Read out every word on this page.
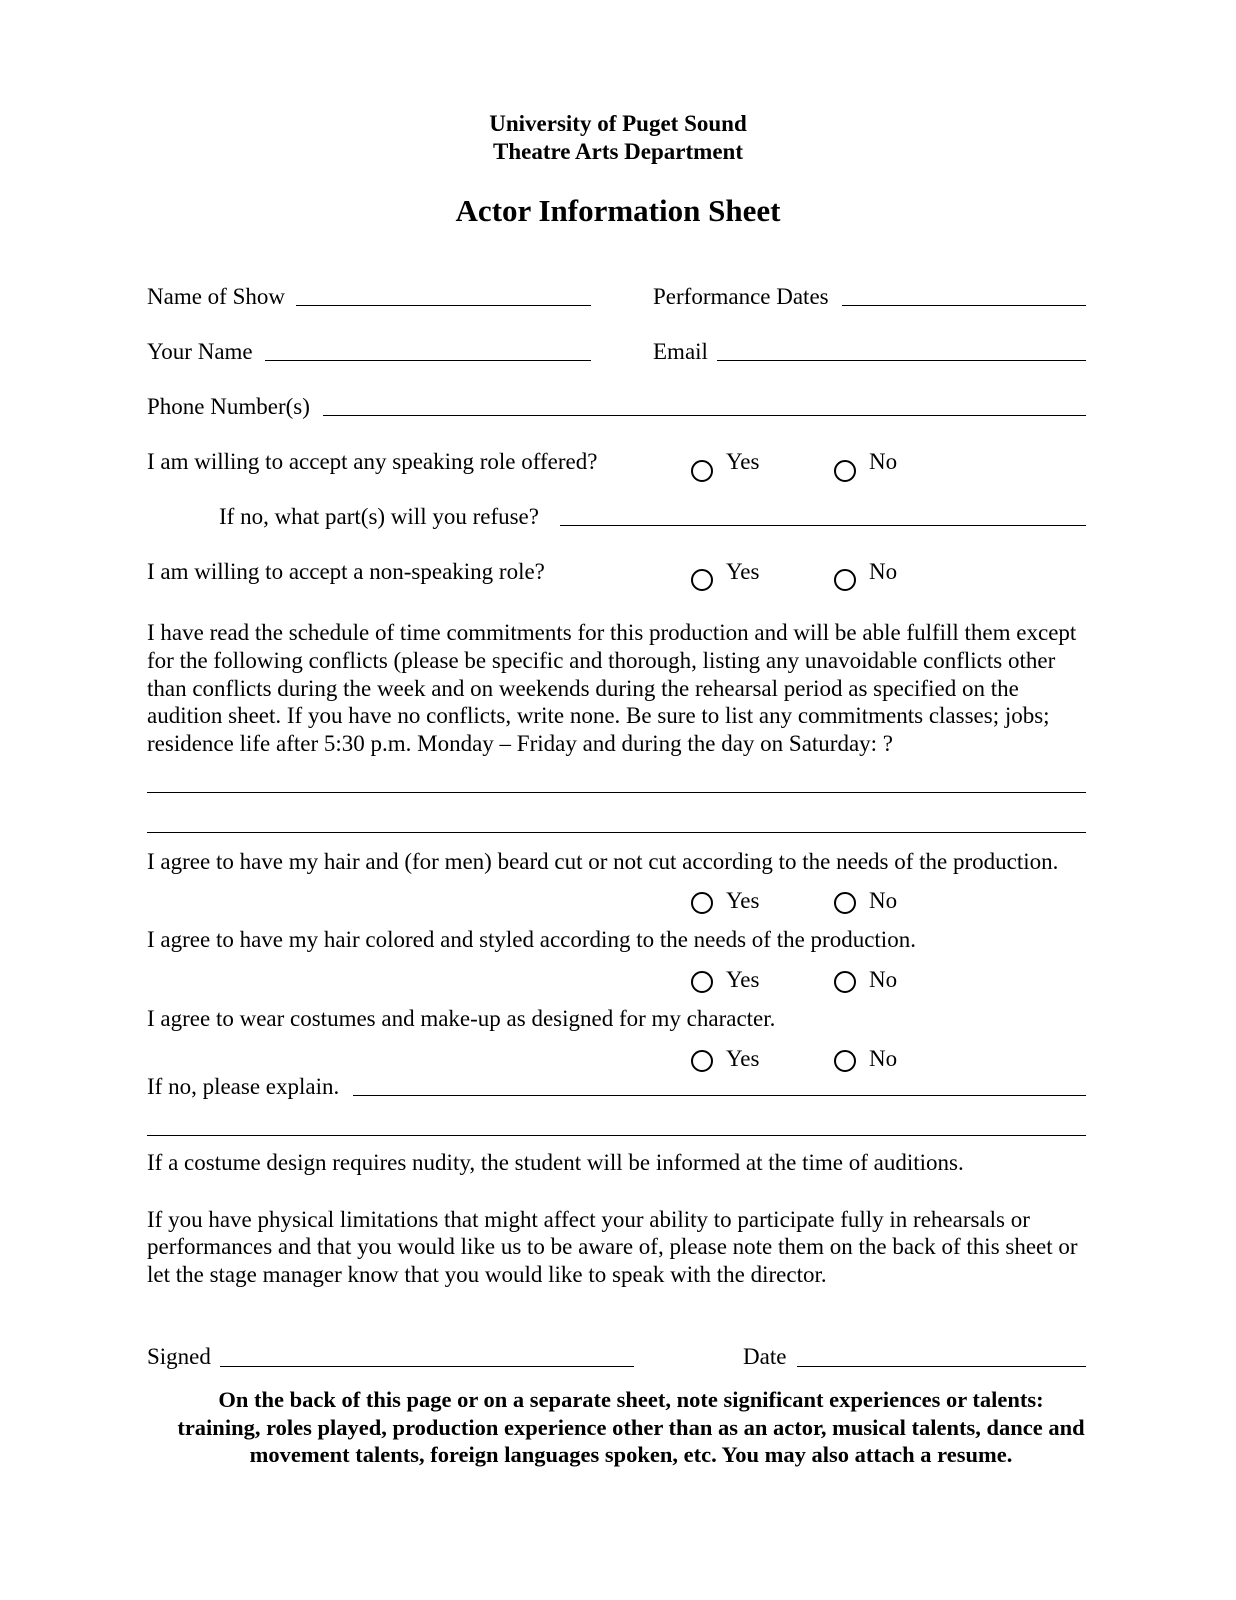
University of Puget Sound
Theatre Arts Department
Actor Information Sheet
Name of Show	Performance Dates
Your Name	Email
Phone Number(s)
I am willing to accept any speaking role offered?	Yes	No
If no, what part(s) will you refuse?
I am willing to accept a non-speaking role?	Yes	No
I have read the schedule of time commitments for this production and will be able fulfill them except
for the following conflicts (please be specific and thorough, listing any unavoidable conflicts other
than conflicts during the week and on weekends during the rehearsal period as specified on the
audition sheet. If you have no conflicts, write none. Be sure to list any commitments classes; jobs;
residence life after 5:30 p.m. Monday – Friday and during the day on Saturday: ?
I agree to have my hair and (for men) beard cut or not cut according to the needs of the production.
Yes	No
I agree to have my hair colored and styled according to the needs of the production.
Yes	No
I agree to wear costumes and make-up as designed for my character.
Yes	No
If no, please explain.
If a costume design requires nudity, the student will be informed at the time of auditions.
If you have physical limitations that might affect your ability to participate fully in rehearsals or
performances and that you would like us to be aware of, please note them on the back of this sheet or
let the stage manager know that you would like to speak with the director.
Signed	Date
On the back of this page or on a separate sheet, note significant experiences or talents:
training, roles played, production experience other than as an actor, musical talents, dance and
movement talents, foreign languages spoken, etc. You may also attach a resume.
